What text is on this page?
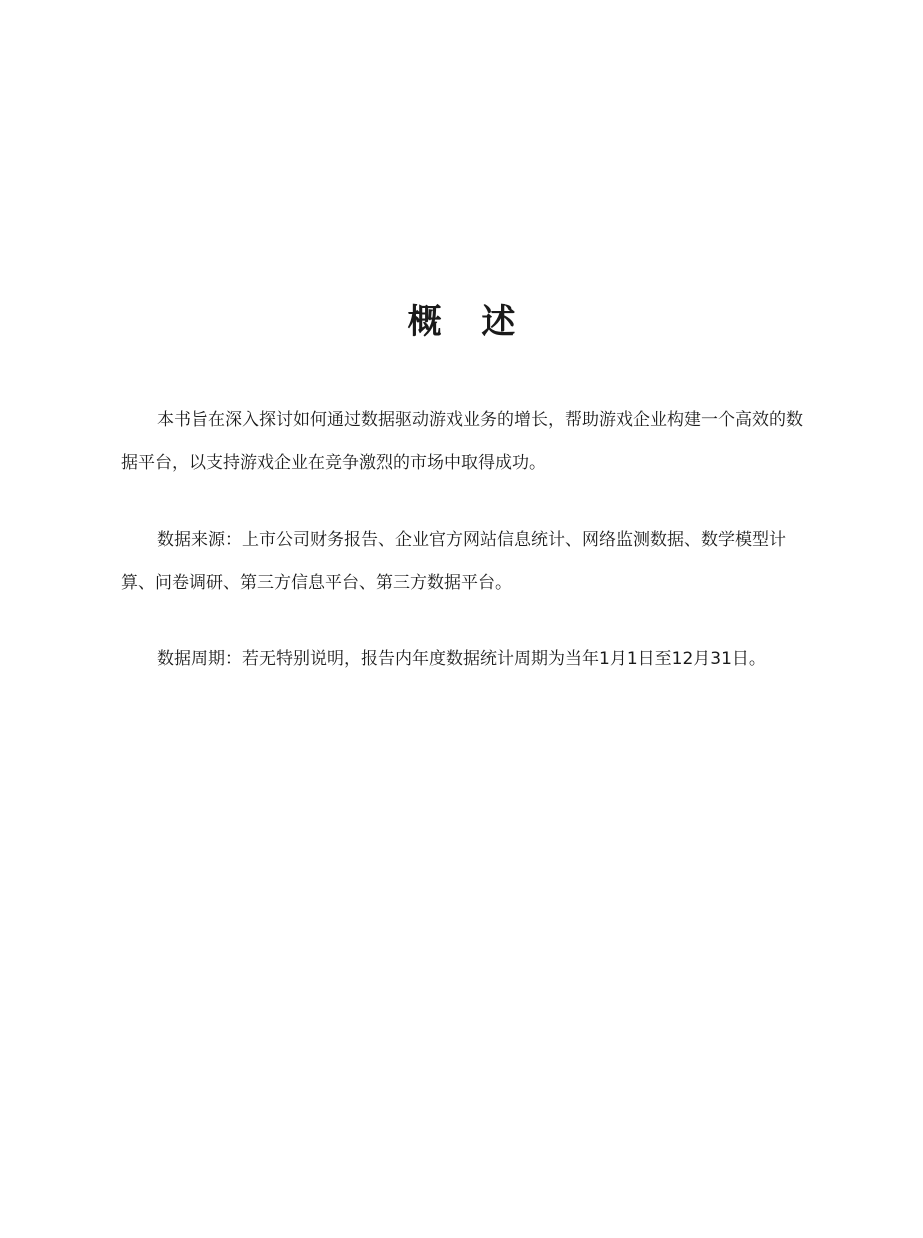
概 述

本书旨在深入探讨如何通过数据驱动游戏业务的增长，帮助游戏企业构建一个高效的数据平台，以支持游戏企业在竞争激烈的市场中取得成功。

数据来源：上市公司财务报告、企业官方网站信息统计、网络监测数据、数学模型计算、问卷调研、第三方信息平台、第三方数据平台。

数据周期：若无特别说明，报告内年度数据统计周期为当年1月1日至12月31日。
